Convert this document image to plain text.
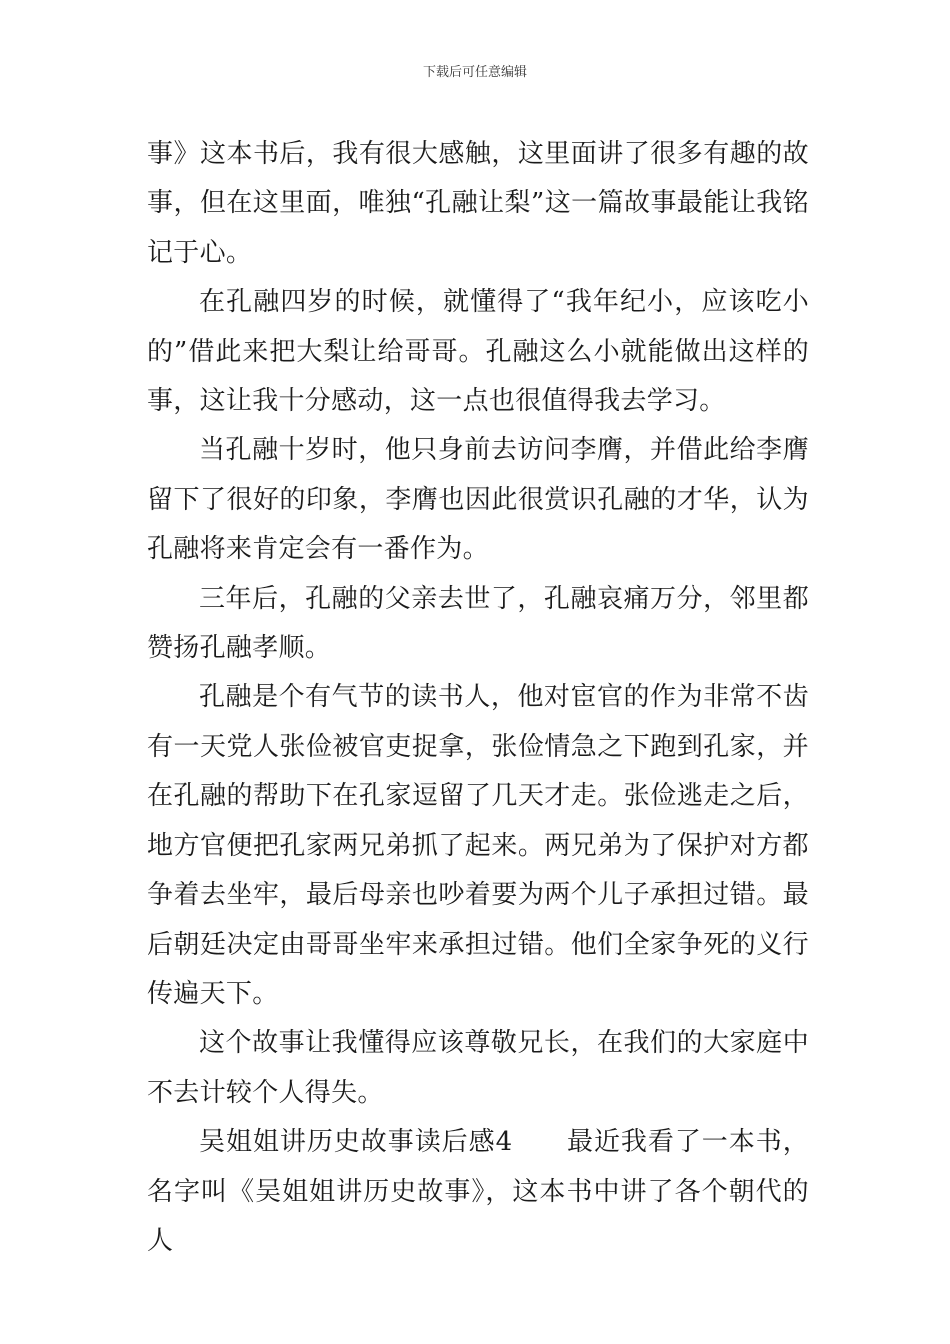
下载后可任意编辑

事》这本书后，我有很大感触，这里面讲了很多有趣的故事，但在这里面，唯独“孔融让梨”这一篇故事最能让我铭记于心。

在孔融四岁的时候，就懂得了“我年纪小，应该吃小的”借此来把大梨让给哥哥。孔融这么小就能做出这样的事，这让我十分感动，这一点也很值得我去学习。

当孔融十岁时，他只身前去访问李膺，并借此给李膺留下了很好的印象，李膺也因此很赏识孔融的才华，认为孔融将来肯定会有一番作为。

三年后，孔融的父亲去世了，孔融哀痛万分，邻里都赞扬孔融孝顺。

孔融是个有气节的读书人，他对宦官的作为非常不齿有一天党人张俭被官吏捉拿，张俭情急之下跑到孔家，并在孔融的帮助下在孔家逗留了几天才走。张俭逃走之后，地方官便把孔家两兄弟抓了起来。两兄弟为了保护对方都争着去坐牢，最后母亲也吵着要为两个儿子承担过错。最后朝廷决定由哥哥坐牢来承担过错。他们全家争死的义行传遍天下。

这个故事让我懂得应该尊敬兄长，在我们的大家庭中不去计较个人得失。

吴姐姐讲历史故事读后感4　　最近我看了一本书，名字叫《吴姐姐讲历史故事》，这本书中讲了各个朝代的人
